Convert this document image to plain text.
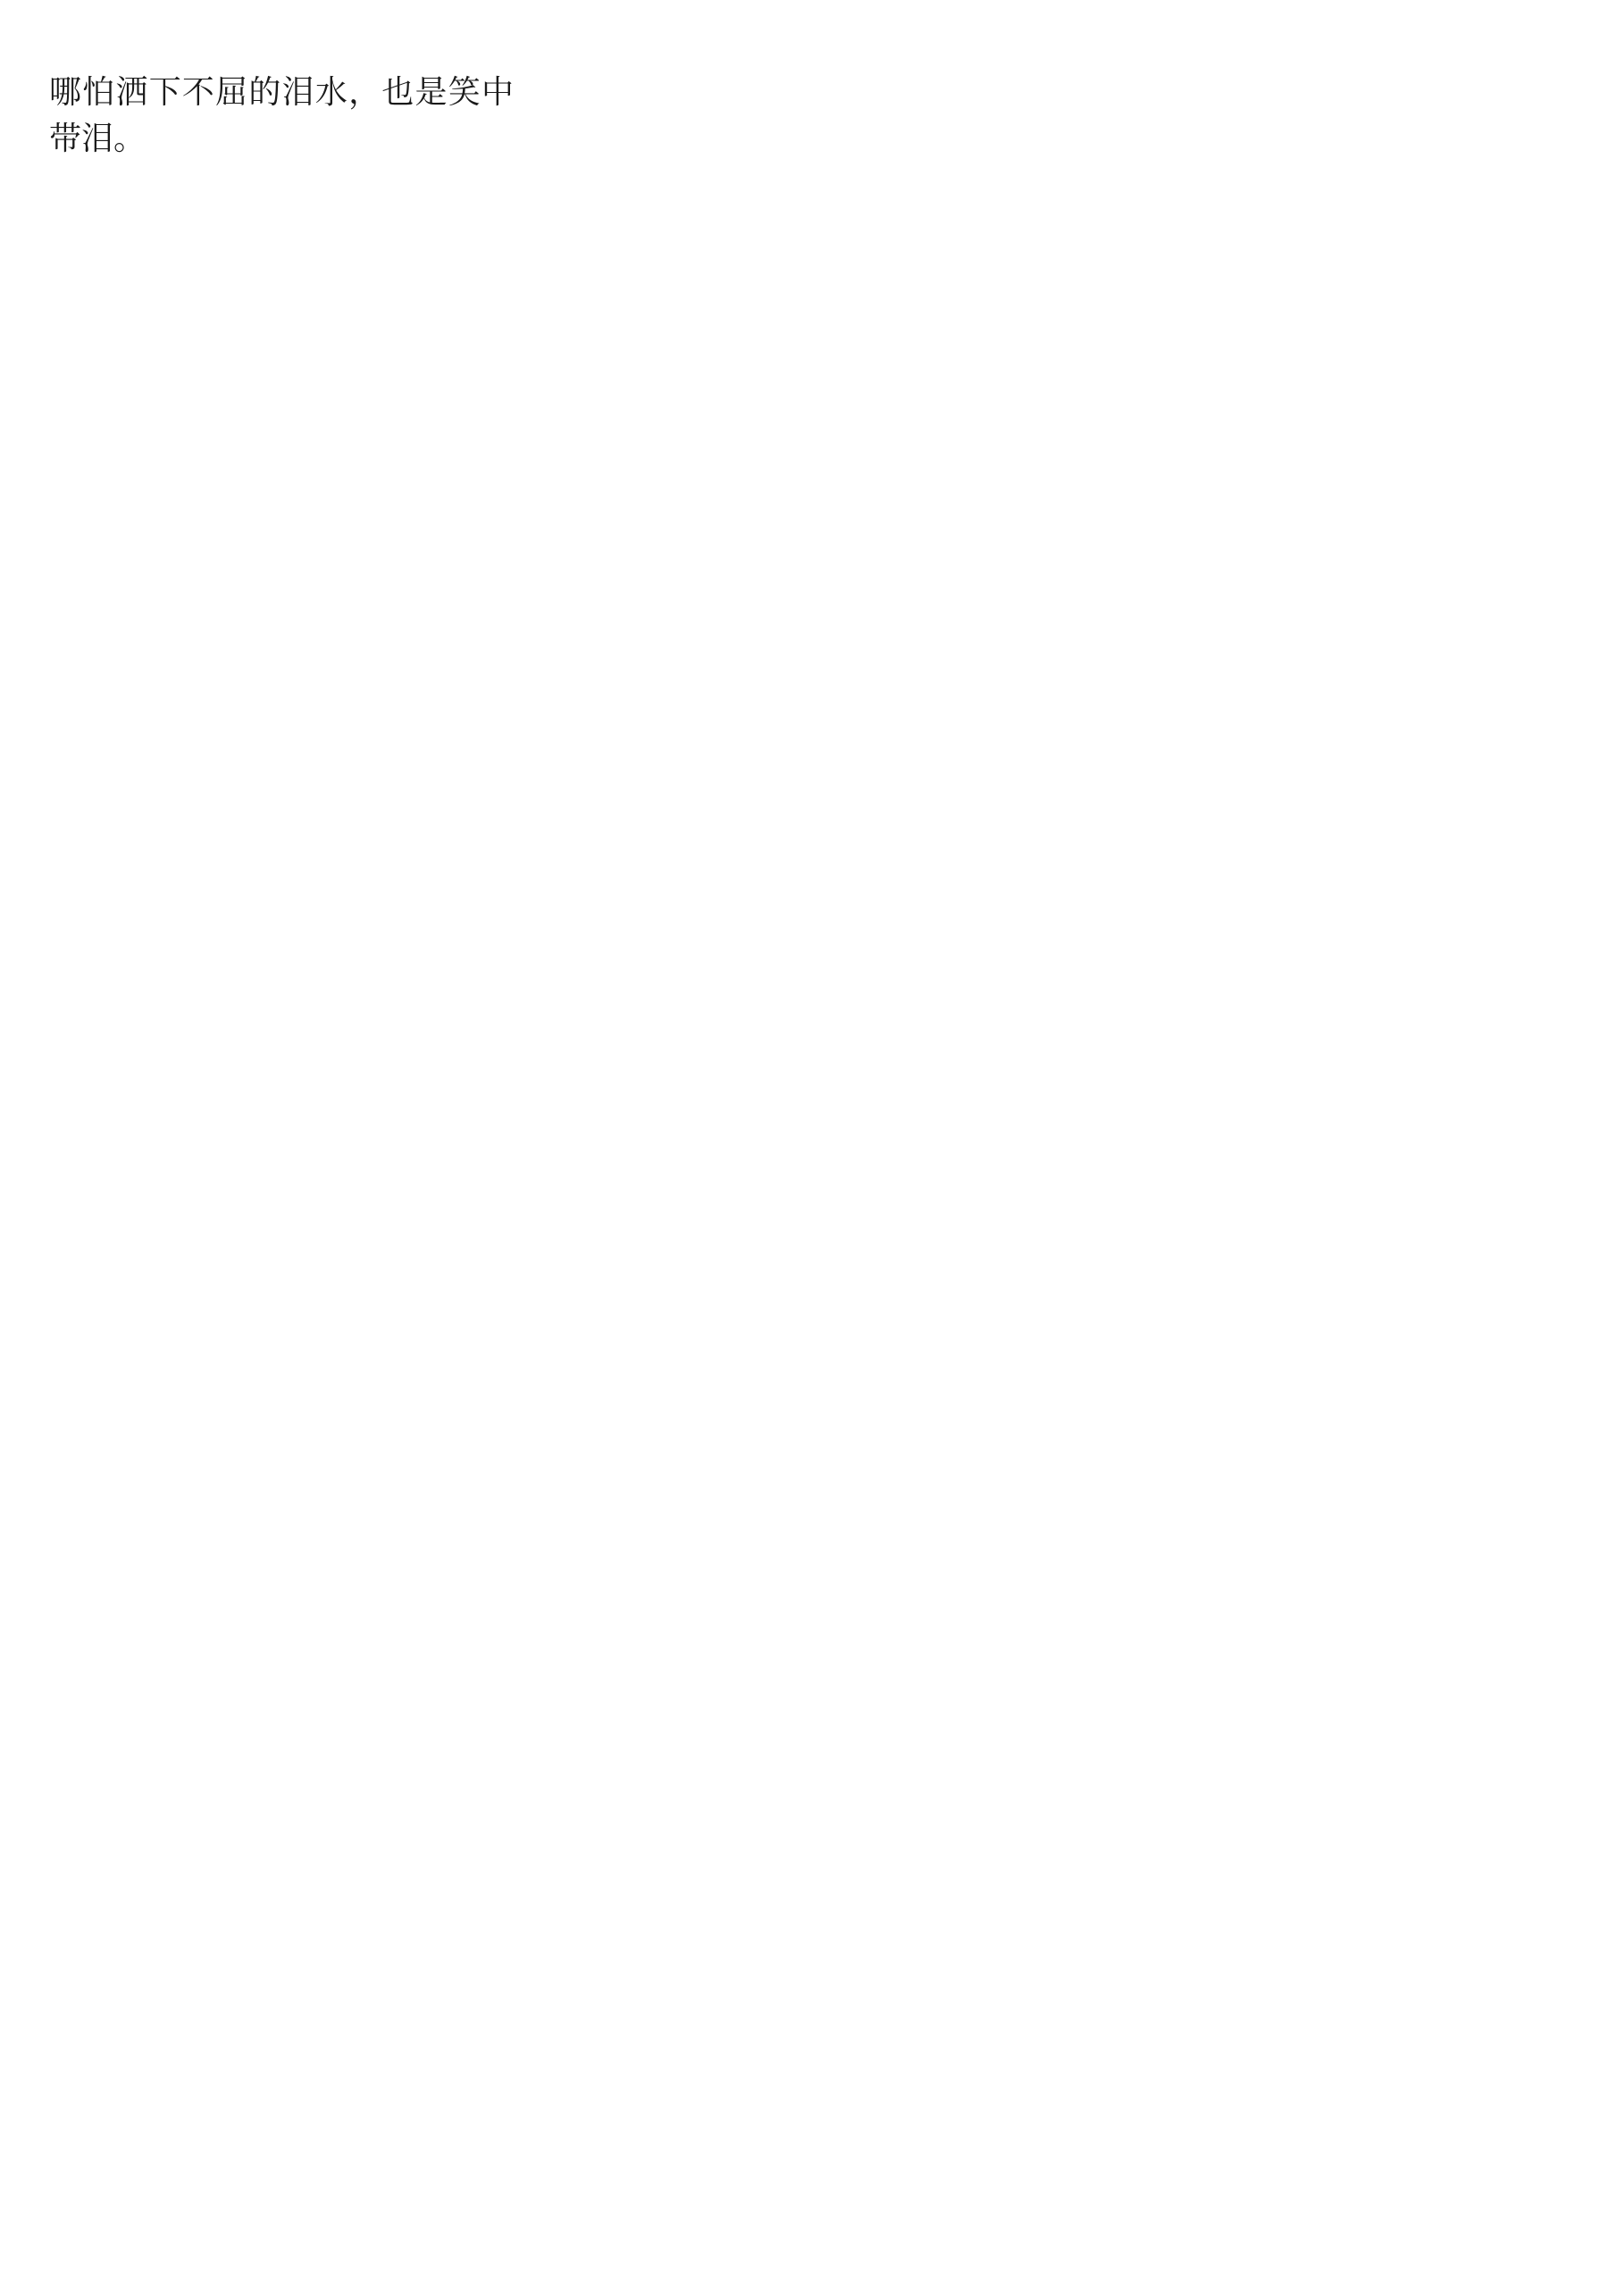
哪怕洒下不屈的泪水，也是笑中带泪。
